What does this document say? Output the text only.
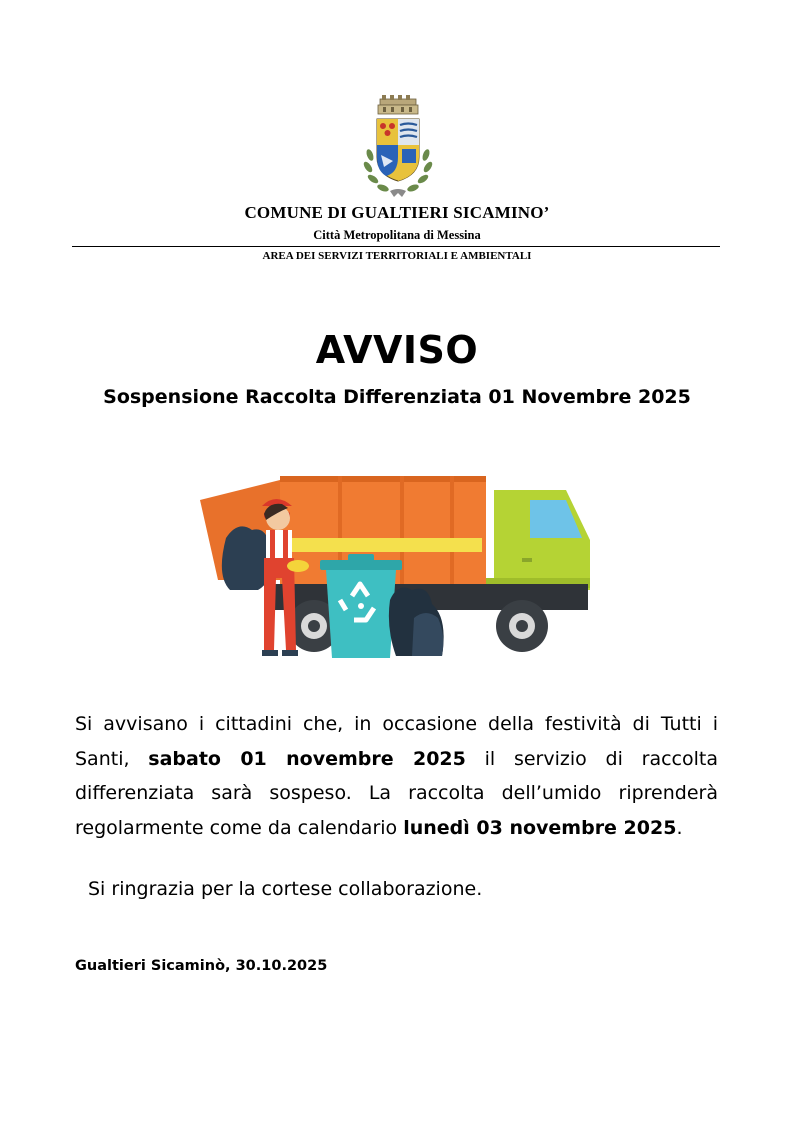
COMUNE DI GUALTIERI SICAMINO’
Città Metropolitana di Messina
AREA DEI SERVIZI TERRITORIALI E AMBIENTALI
AVVISO
Sospensione Raccolta Differenziata 01 Novembre 2025
Si avvisano i cittadini che, in occasione della festività di Tutti i Santi, sabato 01 novembre 2025 il servizio di raccolta differenziata sarà sospeso. La raccolta dell’umido riprenderà regolarmente come da calendario lunedì 03 novembre 2025.
Si ringrazia per la cortese collaborazione.
Gualtieri Sicaminò, 30.10.2025
